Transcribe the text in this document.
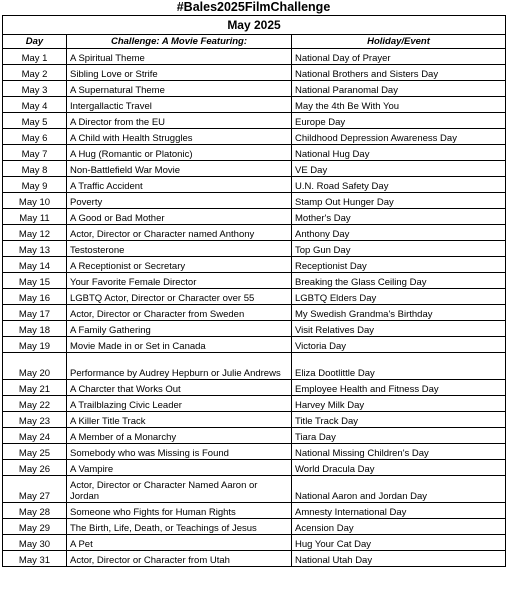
#Bales2025FilmChallenge
May 2025		
Day	Challenge: A Movie Featuring:	Holiday/Event
May 1	A Spiritual Theme	National Day of Prayer
May 2	Sibling Love or Strife	National Brothers and Sisters Day
May 3	A Supernatural Theme	National Paranomal Day
May 4	Intergallactic Travel	May the 4th Be With You
May 5	A Director from the EU	Europe Day
May 6	A Child with Health Struggles	Childhood Depression Awareness Day
May 7	A Hug (Romantic or Platonic)	National Hug Day
May 8	Non-Battlefield War Movie	VE Day
May 9	A Traffic Accident	U.N. Road Safety Day
May 10	Poverty	Stamp Out Hunger Day
May 11	A Good or Bad Mother	Mother's Day
May 12	Actor, Director or Character named Anthony	Anthony Day
May 13	Testosterone	Top Gun Day
May 14	A Receptionist or Secretary	Receptionist Day
May 15	Your Favorite Female Director	Breaking the Glass Ceiling Day
May 16	LGBTQ Actor, Director or Character over 55	LGBTQ Elders Day
May 17	Actor, Director or Character from Sweden	My Swedish Grandma's Birthday
May 18	A Family Gathering	Visit Relatives Day
May 19	Movie Made in or Set in Canada	Victoria Day
May 20	Performance by Audrey Hepburn or Julie Andrews	Eliza Dootlittle Day
May 21	A Charcter that Works Out	Employee Health and Fitness Day
May 22	A Trailblazing Civic Leader	Harvey Milk Day
May 23	A Killer Title Track	Title Track Day
May 24	A Member of a Monarchy	Tiara Day
May 25	Somebody who was Missing is Found	National Missing Children's Day
May 26	A Vampire	World Dracula Day
May 27	Actor, Director or Character Named Aaron or Jordan	National Aaron and Jordan Day
May 28	Someone who Fights for Human Rights	Amnesty International Day
May 29	The Birth, Life, Death, or Teachings of Jesus	Acension Day
May 30	A Pet	Hug Your Cat Day
May 31	Actor, Director or Character from Utah	National Utah Day
